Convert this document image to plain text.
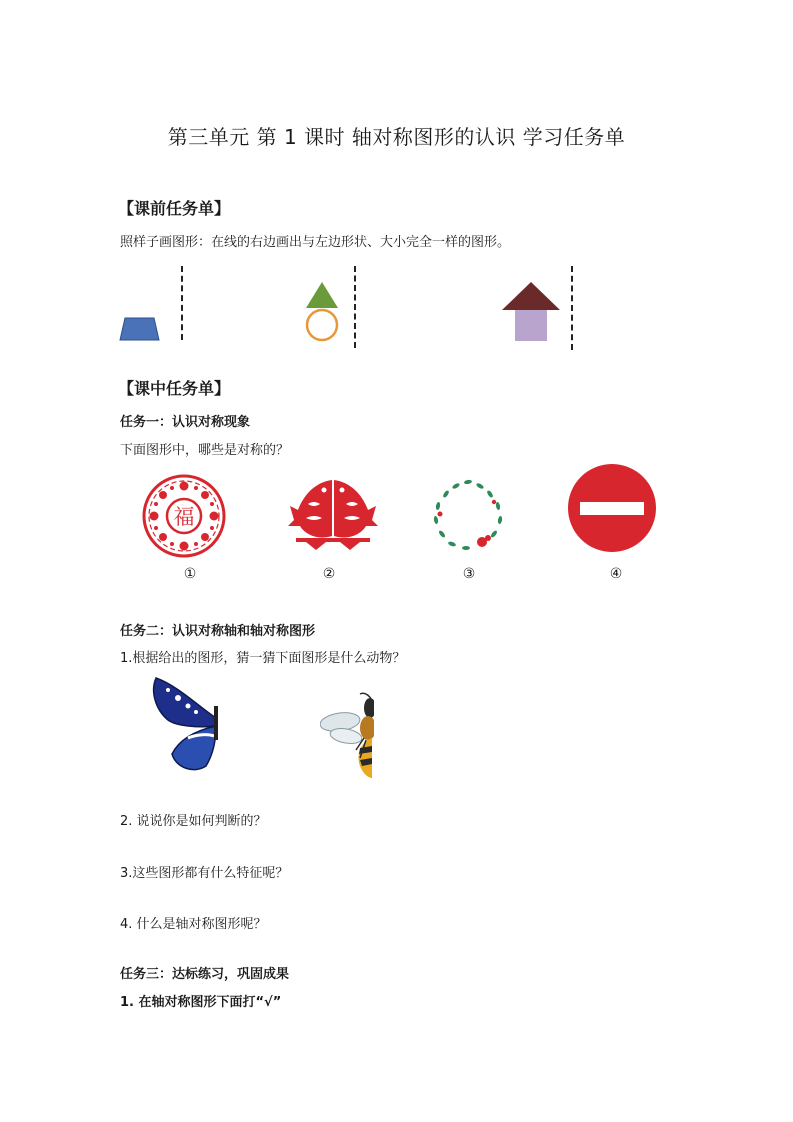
第三单元 第 1 课时 轴对称图形的认识 学习任务单
【课前任务单】
照样子画图形：在线的右边画出与左边形状、大小完全一样的图形。
【课中任务单】
任务一：认识对称现象
下面图形中，哪些是对称的？
福
①	②	③	④
任务二：认识对称轴和轴对称图形
1.根据给出的图形，猜一猜下面图形是什么动物？
2. 说说你是如何判断的？
3.这些图形都有什么特征呢？
4. 什么是轴对称图形呢？
任务三：达标练习，巩固成果
1. 在轴对称图形下面打“√”
